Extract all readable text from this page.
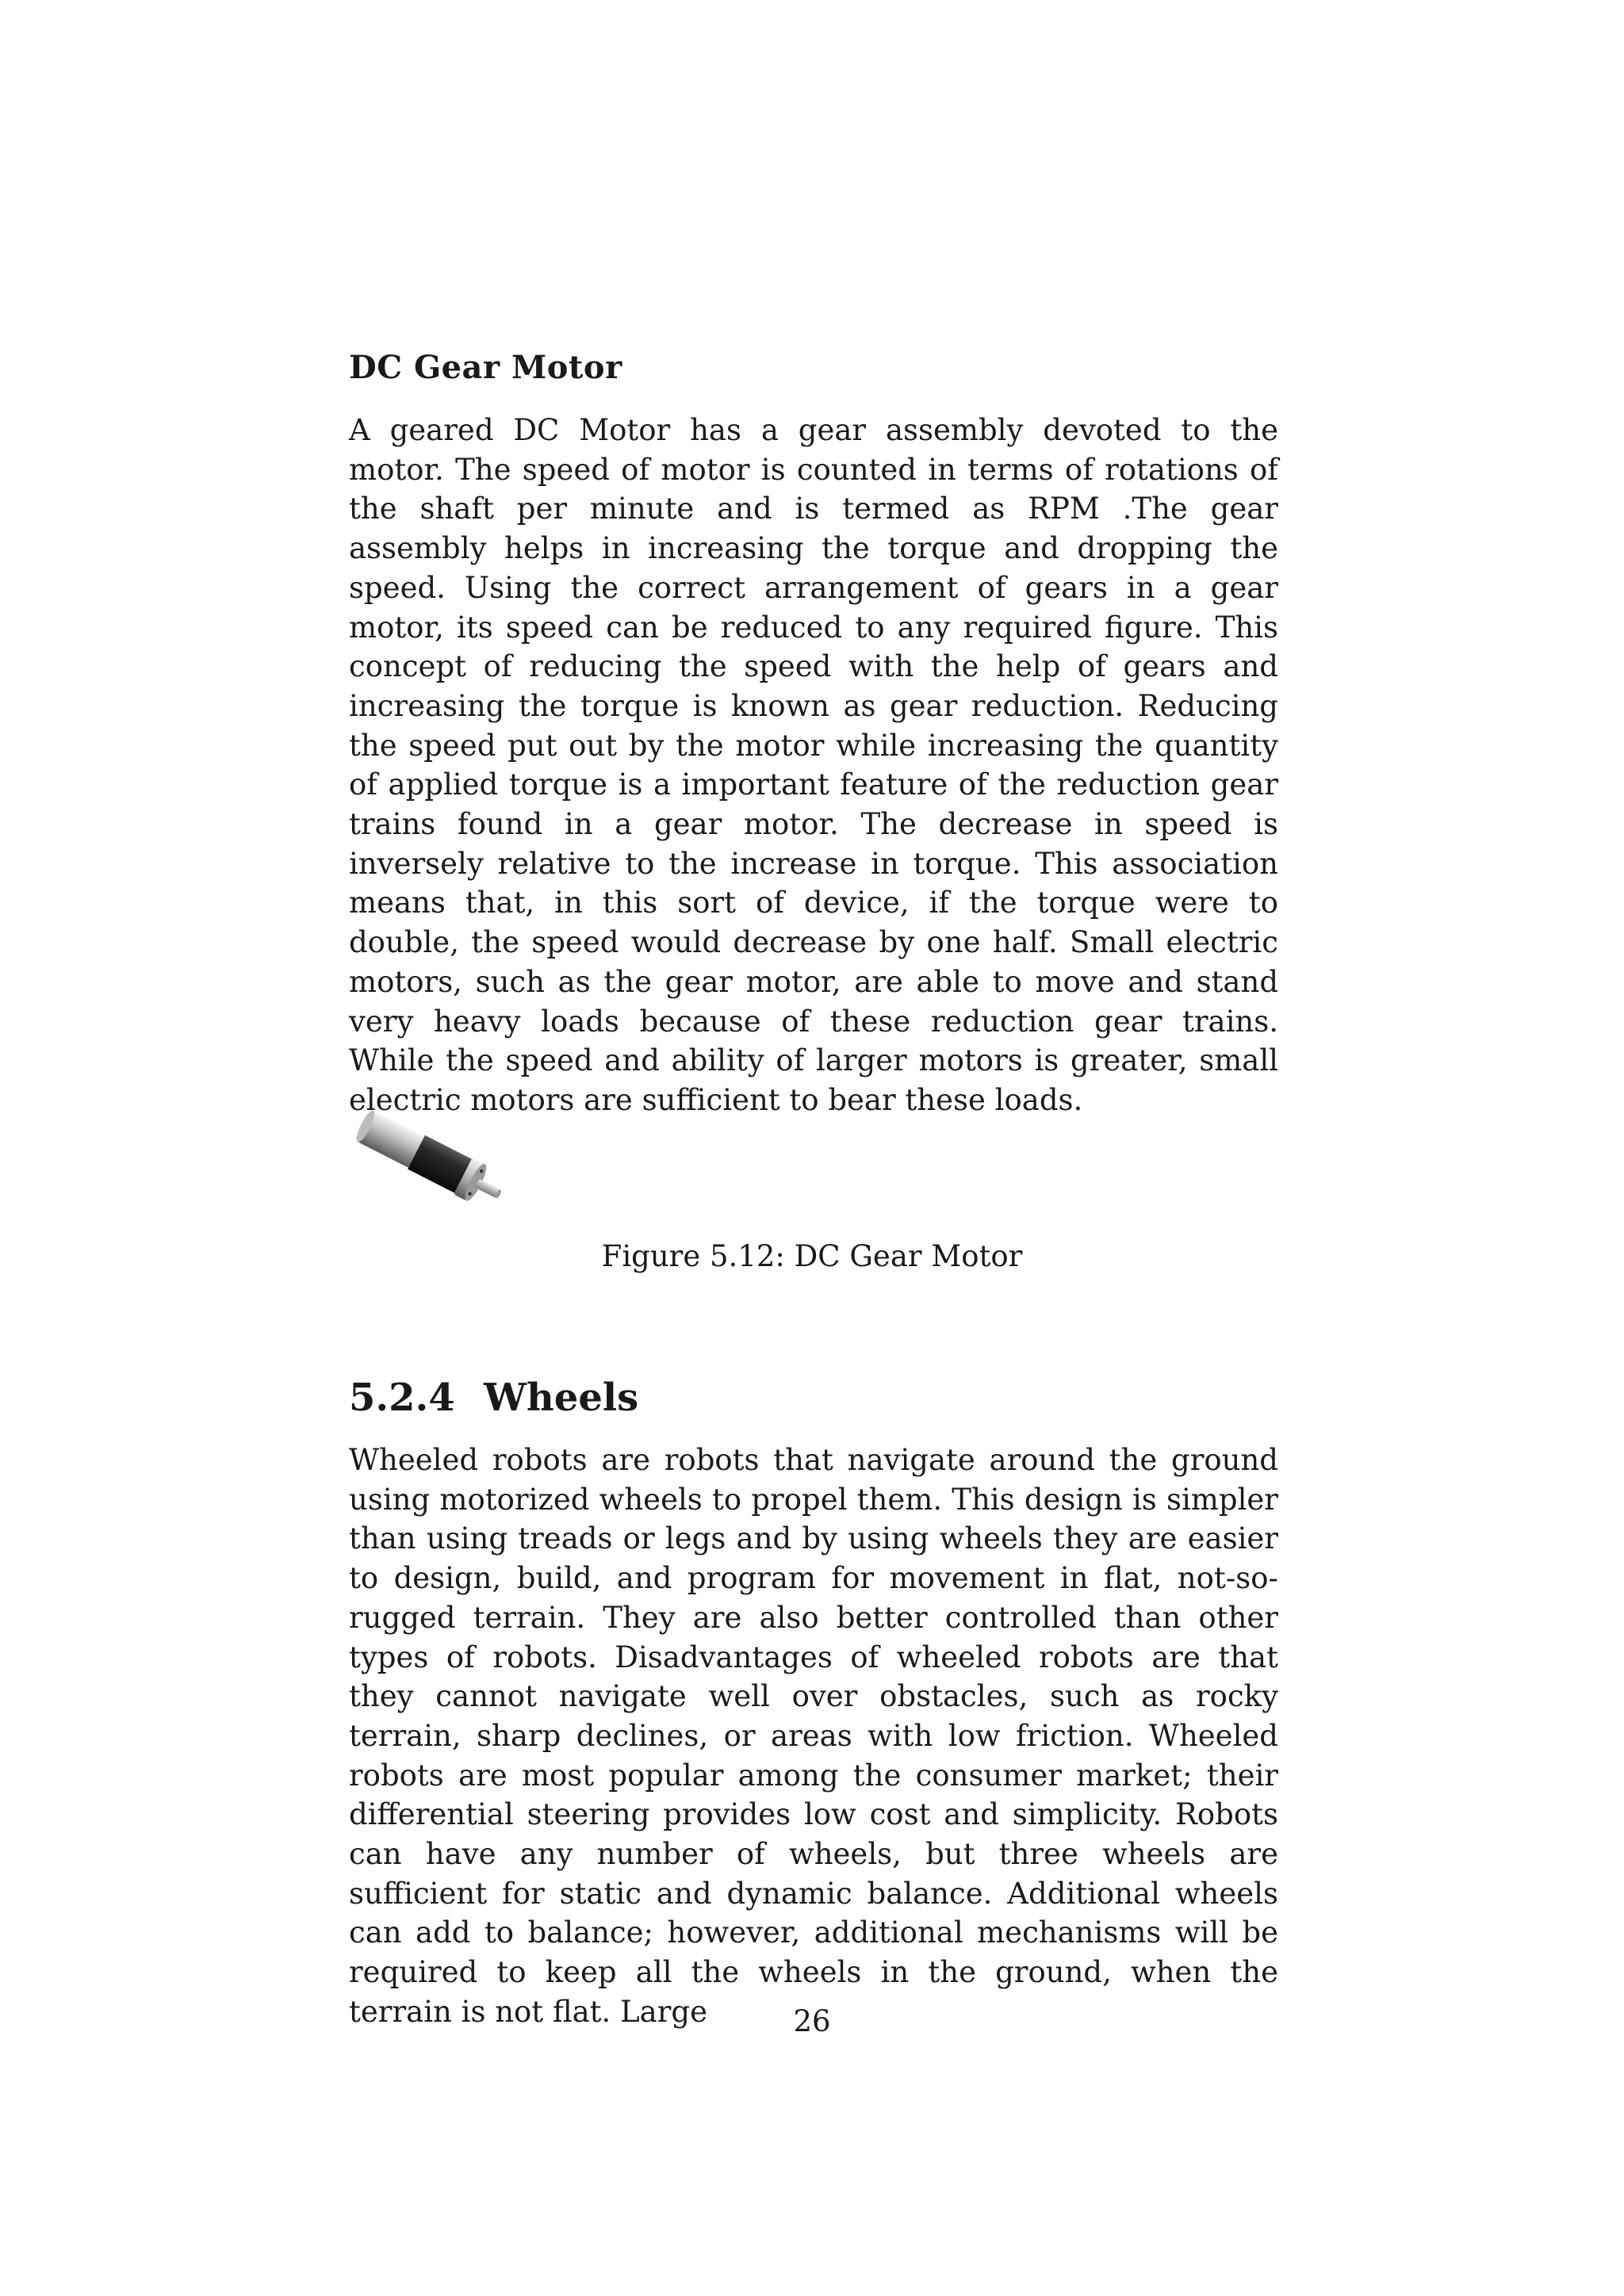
DC Gear Motor

A geared DC Motor has a gear assembly devoted to the motor. The speed of motor is counted in terms of rotations of the shaft per minute and is termed as RPM .The gear assembly helps in increasing the torque and dropping the speed. Using the correct arrangement of gears in a gear motor, its speed can be reduced to any required figure. This concept of reducing the speed with the help of gears and increasing the torque is known as gear reduction. Reducing the speed put out by the motor while increasing the quantity of applied torque is a important feature of the reduction gear trains found in a gear motor. The decrease in speed is inversely relative to the increase in torque. This association means that, in this sort of device, if the torque were to double, the speed would decrease by one half. Small electric motors, such as the gear motor, are able to move and stand very heavy loads because of these reduction gear trains. While the speed and ability of larger motors is greater, small electric motors are sufficient to bear these loads.

Figure 5.12: DC Gear Motor

5.2.4 Wheels

Wheeled robots are robots that navigate around the ground using motorized wheels to propel them. This design is simpler than using treads or legs and by using wheels they are easier to design, build, and program for movement in flat, not-so-rugged terrain. They are also better controlled than other types of robots. Disadvantages of wheeled robots are that they cannot navigate well over obstacles, such as rocky terrain, sharp declines, or areas with low friction. Wheeled robots are most popular among the consumer market; their differential steering provides low cost and simplicity. Robots can have any number of wheels, but three wheels are sufficient for static and dynamic balance. Additional wheels can add to balance; however, additional mechanisms will be required to keep all the wheels in the ground, when the terrain is not flat. Large	26
